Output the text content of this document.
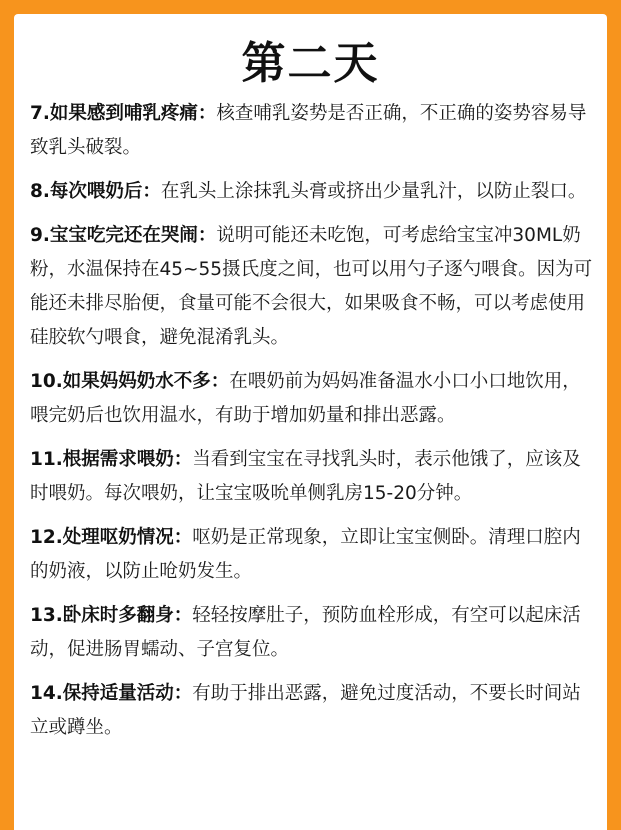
第二天

7.如果感到哺乳疼痛：核查哺乳姿势是否正确，不正确的姿势容易导致乳头破裂。

8.每次喂奶后：在乳头上涂抹乳头膏或挤出少量乳汁，以防止裂口。

9.宝宝吃完还在哭闹：说明可能还未吃饱，可考虑给宝宝冲30ML奶粉，水温保持在45~55摄氏度之间，也可以用勺子逐勺喂食。因为可能还未排尽胎便，食量可能不会很大，如果吸食不畅，可以考虑使用硅胶软勺喂食，避免混淆乳头。

10.如果妈妈奶水不多：在喂奶前为妈妈准备温水小口小口地饮用，喂完奶后也饮用温水，有助于增加奶量和排出恶露。

11.根据需求喂奶：当看到宝宝在寻找乳头时，表示他饿了，应该及时喂奶。每次喂奶，让宝宝吸吮单侧乳房15-20分钟。

12.处理呕奶情况：呕奶是正常现象，立即让宝宝侧卧。清理口腔内的奶液，以防止呛奶发生。

13.卧床时多翻身：轻轻按摩肚子，预防血栓形成，有空可以起床活动，促进肠胃蠕动、子宫复位。

14.保持适量活动：有助于排出恶露，避免过度活动，不要长时间站立或蹲坐。
